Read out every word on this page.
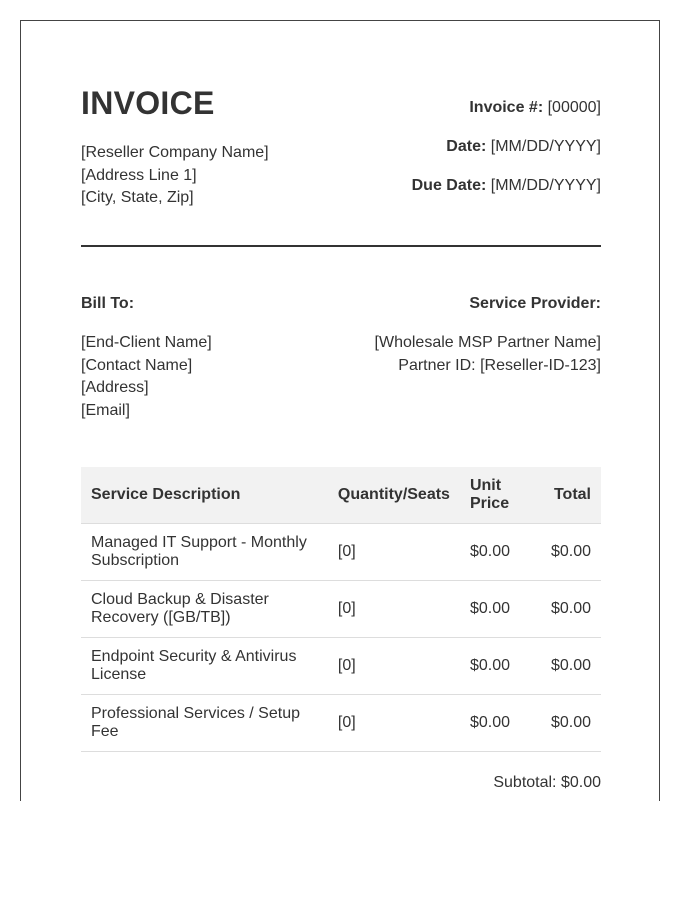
INVOICE
[Reseller Company Name]
[Address Line 1]
[City, State, Zip]
Invoice #: [00000]
Date: [MM/DD/YYYY]
Due Date: [MM/DD/YYYY]
Bill To:
[End-Client Name]
[Contact Name]
[Address]
[Email]
Service Provider:
[Wholesale MSP Partner Name]
Partner ID: [Reseller-ID-123]
Service Description	Quantity/Seats	Unit Price	Total
Managed IT Support - Monthly Subscription	[0]	$0.00	$0.00
Cloud Backup & Disaster Recovery ([GB/TB])	[0]	$0.00	$0.00
Endpoint Security & Antivirus License	[0]	$0.00	$0.00
Professional Services / Setup Fee	[0]	$0.00	$0.00
Subtotal: $0.00
